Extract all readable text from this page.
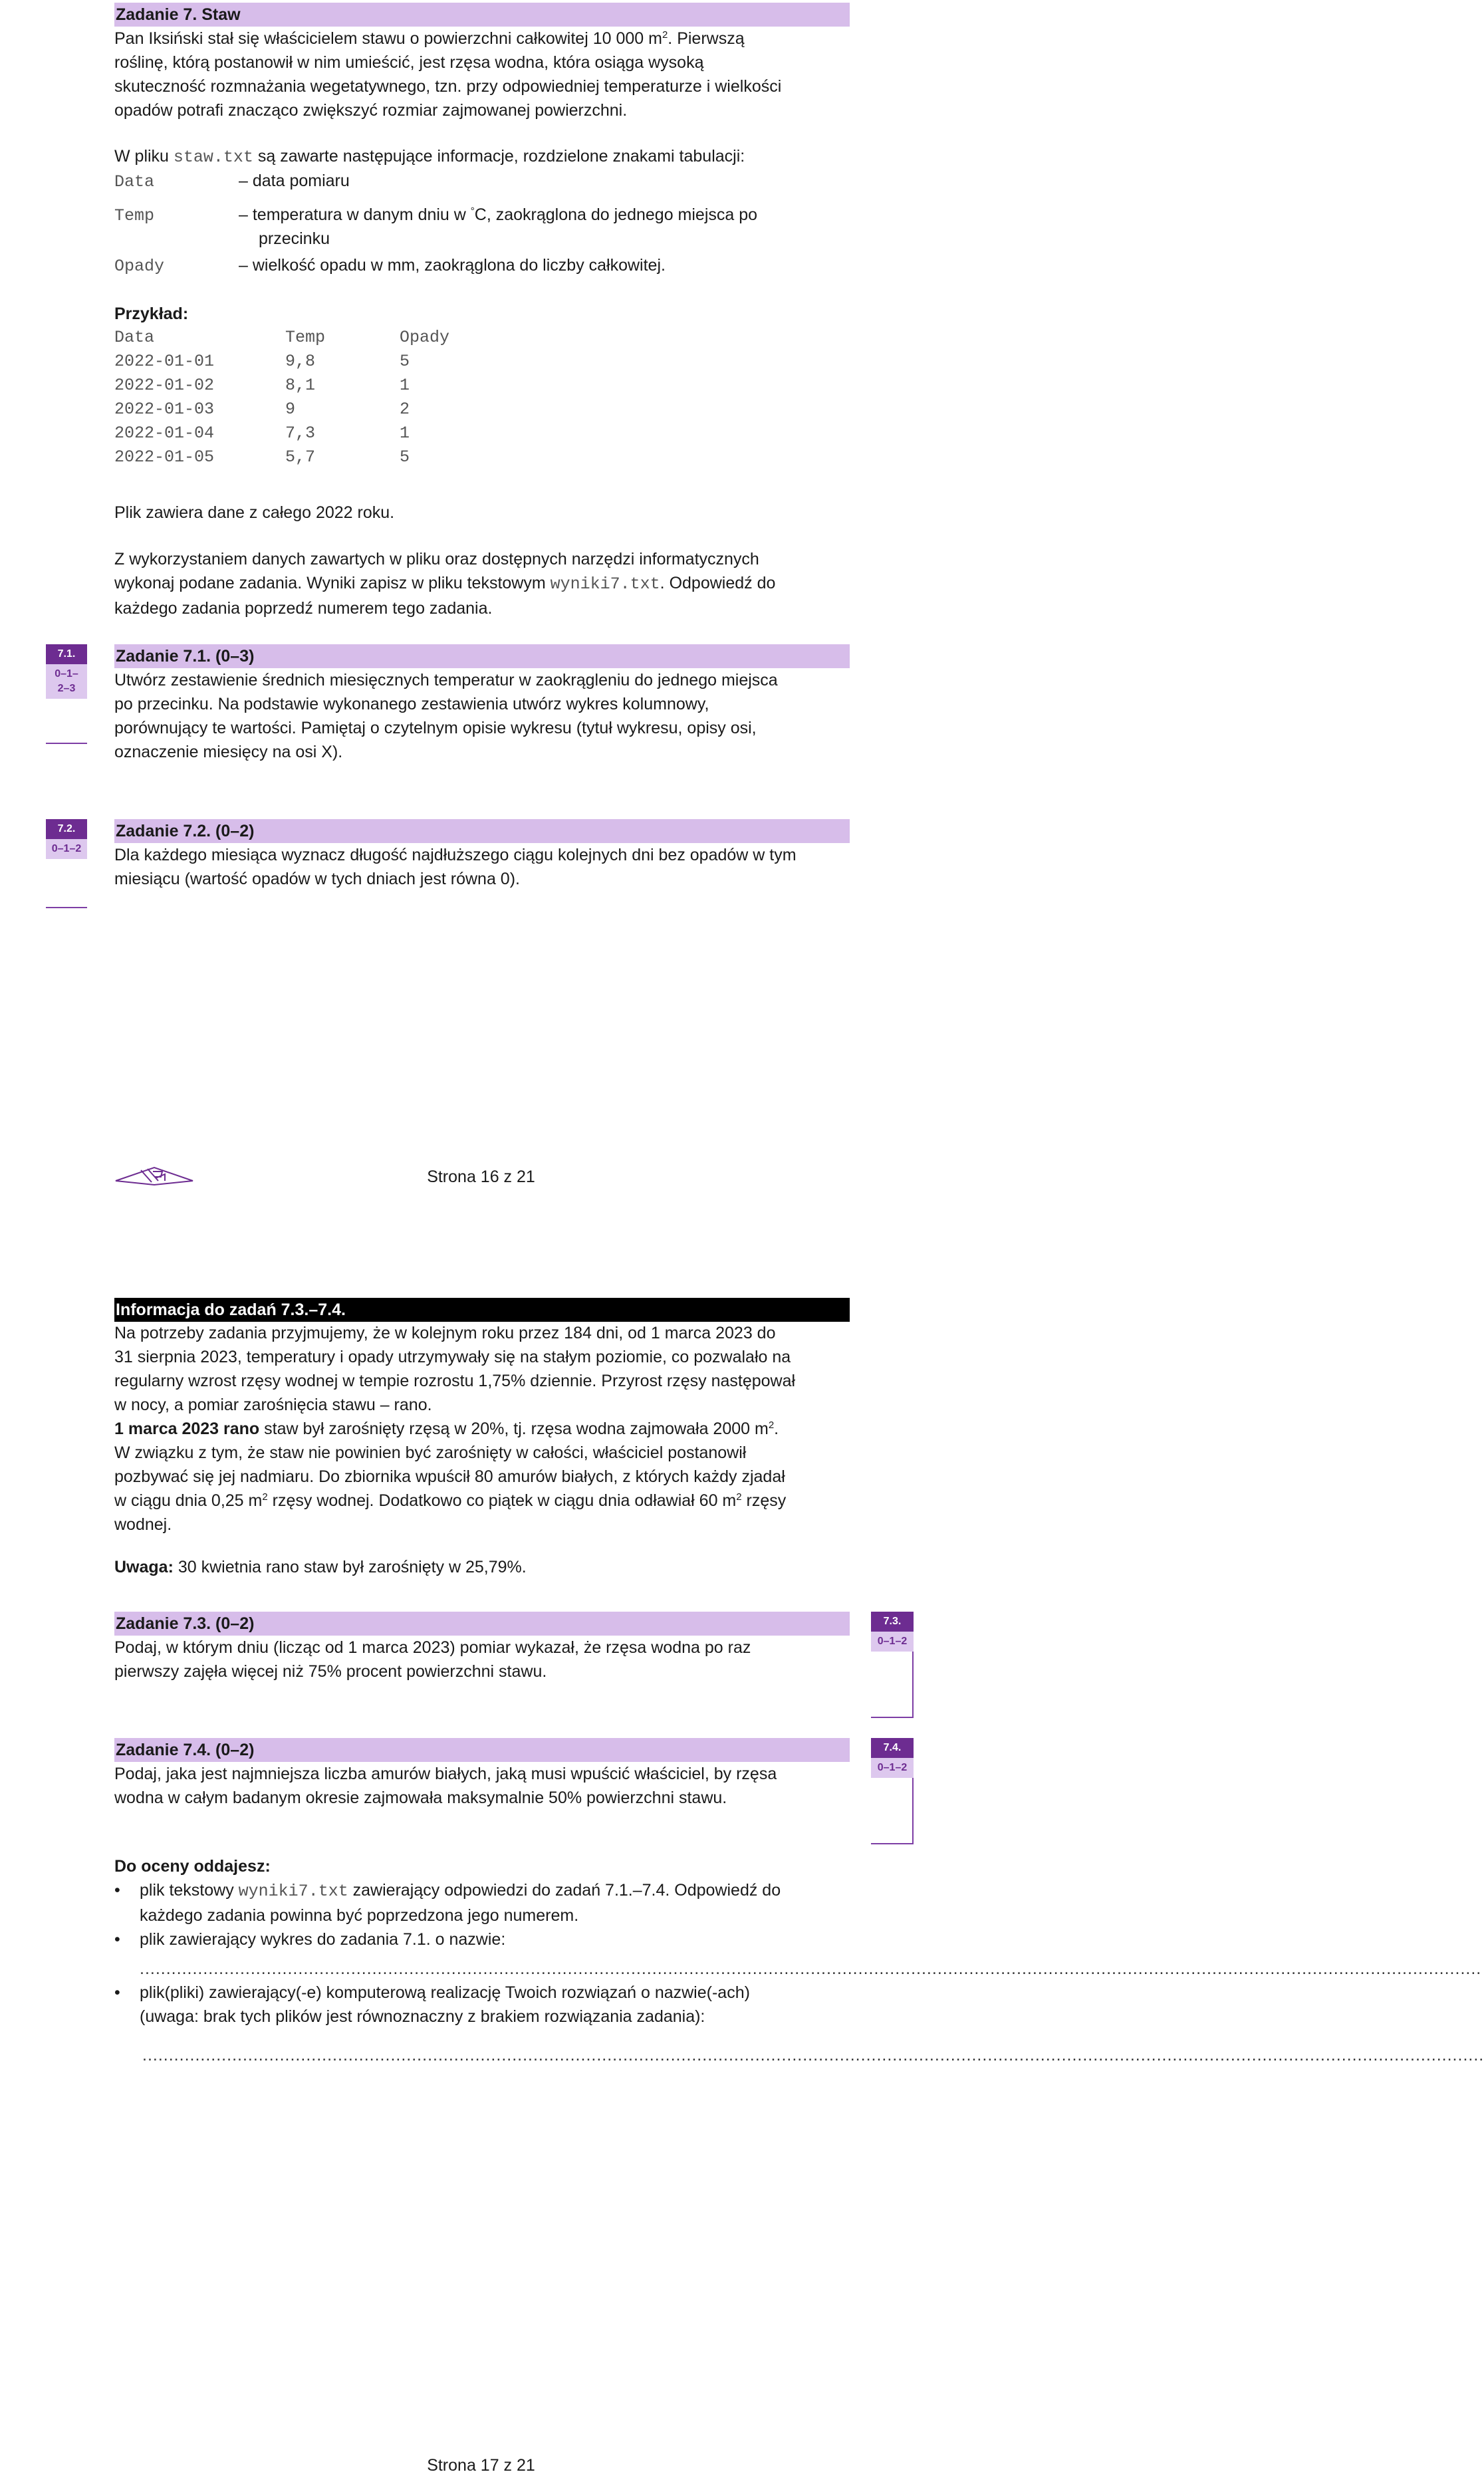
Zadanie 7. Staw
Pan Iksiński stał się właścicielem stawu o powierzchni całkowitej 10 000 $m^2$. Pierwszą
roślinę, którą postanowił w nim umieścić, jest rzęsa wodna, która osiąga wysoką
skuteczność rozmnażania wegetatywnego, tzn. przy odpowiedniej temperaturze i wielkości
opadów potrafi znacząco zwiększyć rozmiar zajmowanej powierzchni.
W pliku staw.txt są zawarte następujące informacje, rozdzielone znakami tabulacji:
Data	– data pomiaru
Temp	– temperatura w danym dniu w °C, zaokrąglona do jednego miejsca po
przecinku
Opady	– wielkość opadu w mm, zaokrąglona do liczby całkowitej.
Przykład:
Data	Temp	Opady
2022-01-01	9,8	5
2022-01-02	8,1	1
2022-01-03	9	2
2022-01-04	7,3	1
2022-01-05	5,7	5
Plik zawiera dane z całego 2022 roku.
Z wykorzystaniem danych zawartych w pliku oraz dostępnych narzędzi informatycznych
wykonaj podane zadania. Wyniki zapisz w pliku tekstowym wyniki7.txt. Odpowiedź do
każdego zadania poprzedź numerem tego zadania.
7.1.
0–1–
2–3
Zadanie 7.1. (0–3)
Utwórz zestawienie średnich miesięcznych temperatur w zaokrągleniu do jednego miejsca
po przecinku. Na podstawie wykonanego zestawienia utwórz wykres kolumnowy,
porównujący te wartości. Pamiętaj o czytelnym opisie wykresu (tytuł wykresu, opisy osi,
oznaczenie miesięcy na osi X).
7.2.
0–1–2
Zadanie 7.2. (0–2)
Dla każdego miesiąca wyznacz długość najdłuższego ciągu kolejnych dni bez opadów w tym
miesiącu (wartość opadów w tych dniach jest równa 0).
Strona 16 z 21
Informacja do zadań 7.3.–7.4.
Na potrzeby zadania przyjmujemy, że w kolejnym roku przez 184 dni, od 1 marca 2023 do
31 sierpnia 2023, temperatury i opady utrzymywały się na stałym poziomie, co pozwalało na
regularny wzrost rzęsy wodnej w tempie rozrostu 1,75% dziennie. Przyrost rzęsy następował
w nocy, a pomiar zarośnięcia stawu – rano.
1 marca 2023 rano staw był zarośnięty rzęsą w 20%, tj. rzęsa wodna zajmowała 2000 $m^2$.
W związku z tym, że staw nie powinien być zarośnięty w całości, właściciel postanowił
pozbywać się jej nadmiaru. Do zbiornika wpuścił 80 amurów białych, z których każdy zjadał
w ciągu dnia 0,25 $m^2$ rzęsy wodnej. Dodatkowo co piątek w ciągu dnia odławiał 60 $m^2$ rzęsy
wodnej.
Uwaga: 30 kwietnia rano staw był zarośnięty w 25,79%.
Zadanie 7.3. (0–2)
Podaj, w którym dniu (licząc od 1 marca 2023) pomiar wykazał, że rzęsa wodna po raz
pierwszy zajęła więcej niż 75% procent powierzchni stawu.
7.3.
0–1–2
Zadanie 7.4. (0–2)
Podaj, jaka jest najmniejsza liczba amurów białych, jaką musi wpuścić właściciel, by rzęsa
wodna w całym badanym okresie zajmowała maksymalnie 50% powierzchni stawu.
7.4.
0–1–2
Do oceny oddajesz:
• plik tekstowy wyniki7.txt zawierający odpowiedzi do zadań 7.1.–7.4. Odpowiedź do
każdego zadania powinna być poprzedzona jego numerem.
• plik zawierający wykres do zadania 7.1. o nazwie:
..............................................................................................................................................................................................................................................................
• plik(pliki) zawierający(-e) komputerową realizację Twoich rozwiązań o nazwie(-ach)
(uwaga: brak tych plików jest równoznaczny z brakiem rozwiązania zadania):
..............................................................................................................................................................................................................................................................
Strona 17 z 21
